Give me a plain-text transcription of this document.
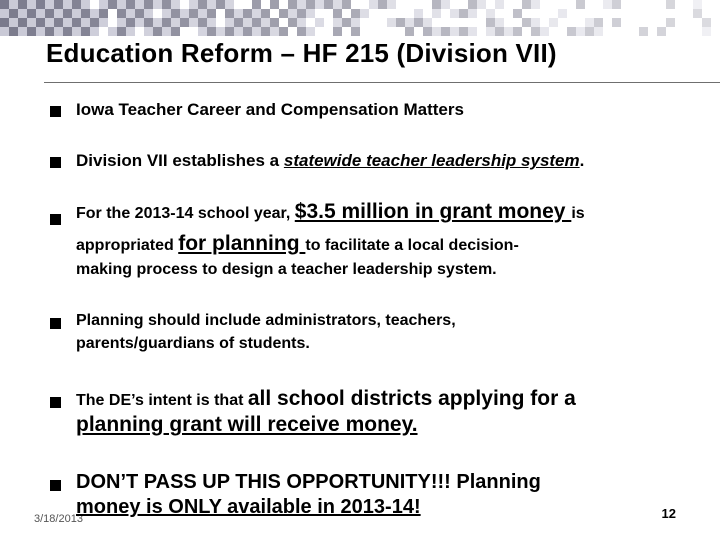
Education Reform – HF 215 (Division VII)
Iowa Teacher Career and Compensation Matters
Division VII establishes a statewide teacher leadership system.
For the 2013-14 school year, $3.5 million in grant money is
appropriated for planning to facilitate a local decision-
making process to design a teacher leadership system.
Planning should include administrators, teachers,
parents/guardians of students.
The DE’s intent is that all school districts applying for a
planning grant will receive money.
DON’T PASS UP THIS OPPORTUNITY!!! Planning
money is ONLY available in 2013-14!
3/18/2013	12
